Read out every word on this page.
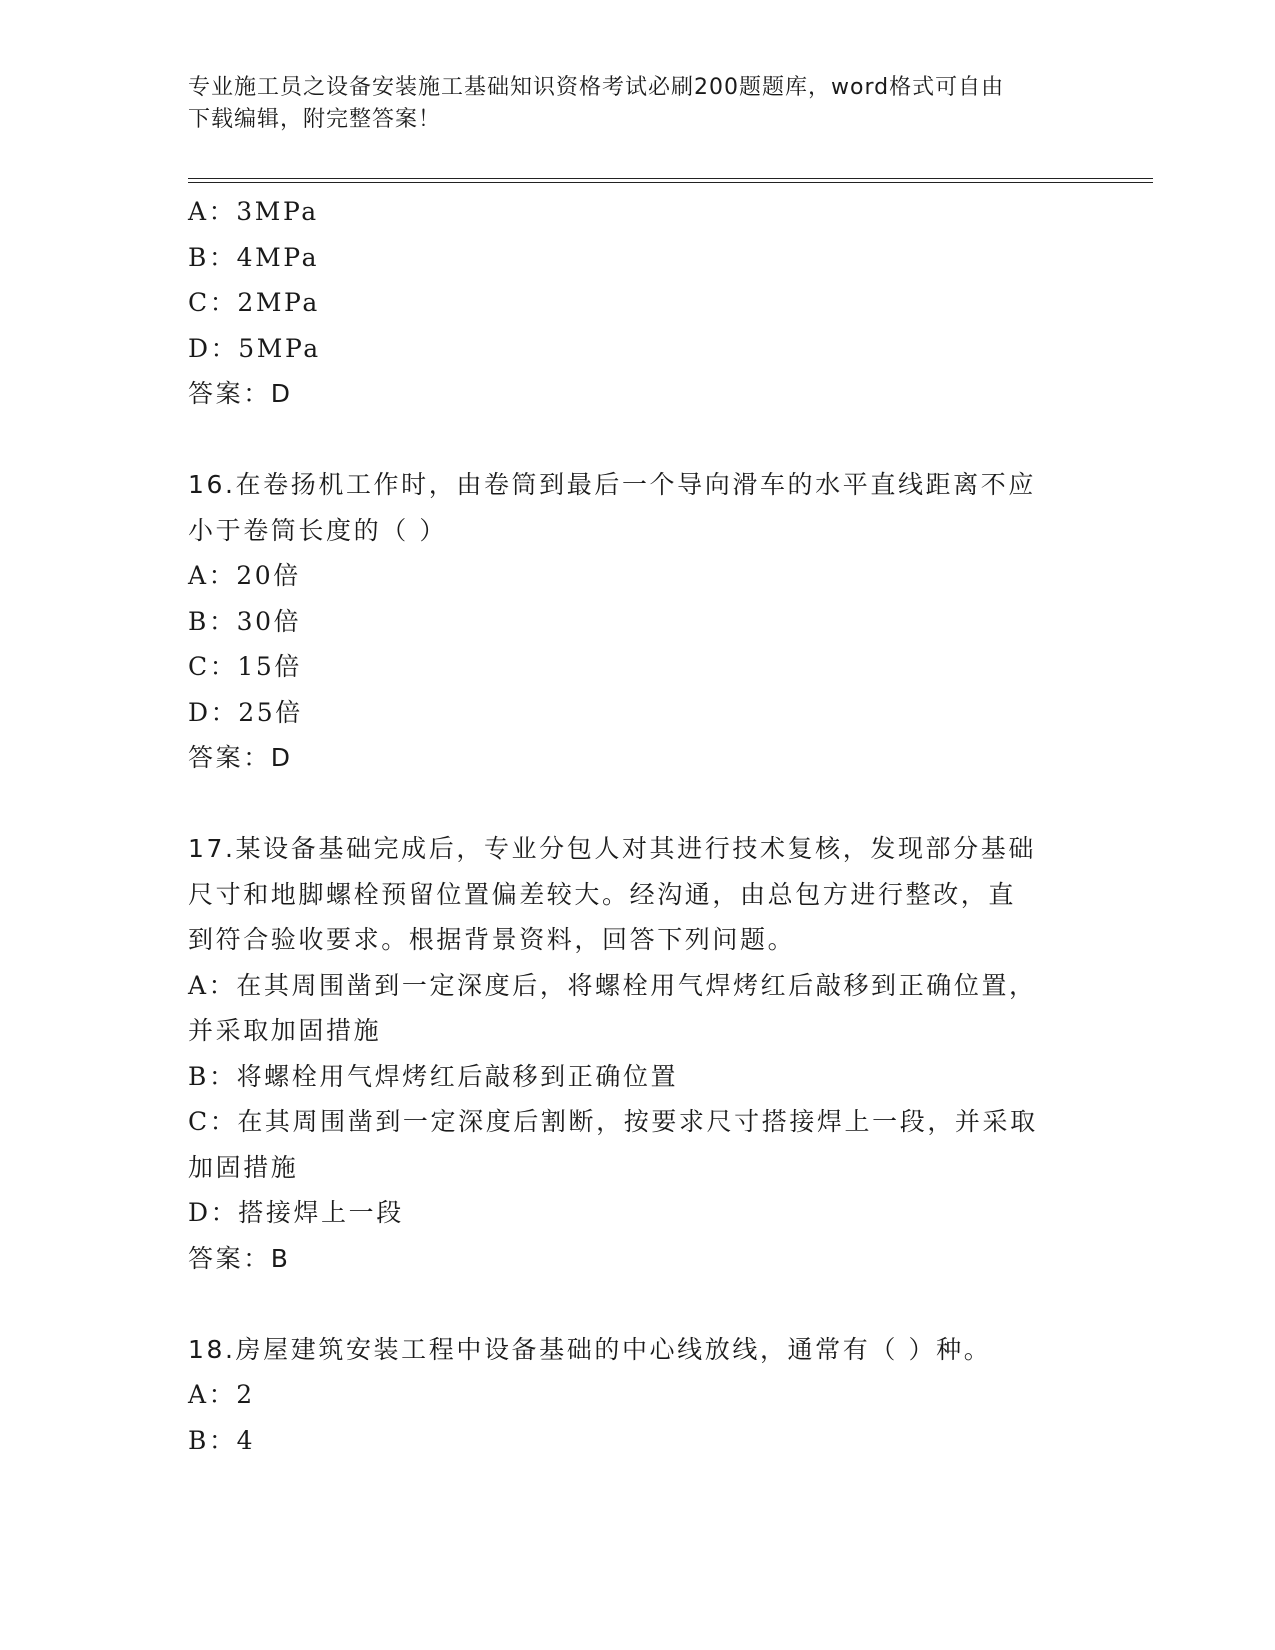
专业施工员之设备安装施工基础知识资格考试必刷200题题库，word格式可自由
下载编辑，附完整答案！
A：3MPa
B：4MPa
C：2MPa
D：5MPa
答案：D
16.在卷扬机工作时，由卷筒到最后一个导向滑车的水平直线距离不应
小于卷筒长度的（ ）
A：20倍
B：30倍
C：15倍
D：25倍
答案：D
17.某设备基础完成后，专业分包人对其进行技术复核，发现部分基础
尺寸和地脚螺栓预留位置偏差较大。经沟通，由总包方进行整改，直
到符合验收要求。根据背景资料，回答下列问题。
A：在其周围凿到一定深度后，将螺栓用气焊烤红后敲移到正确位置，
并采取加固措施
B：将螺栓用气焊烤红后敲移到正确位置
C：在其周围凿到一定深度后割断，按要求尺寸搭接焊上一段，并采取
加固措施
D：搭接焊上一段
答案：B
18.房屋建筑安装工程中设备基础的中心线放线，通常有（ ）种。
A：2
B：4
